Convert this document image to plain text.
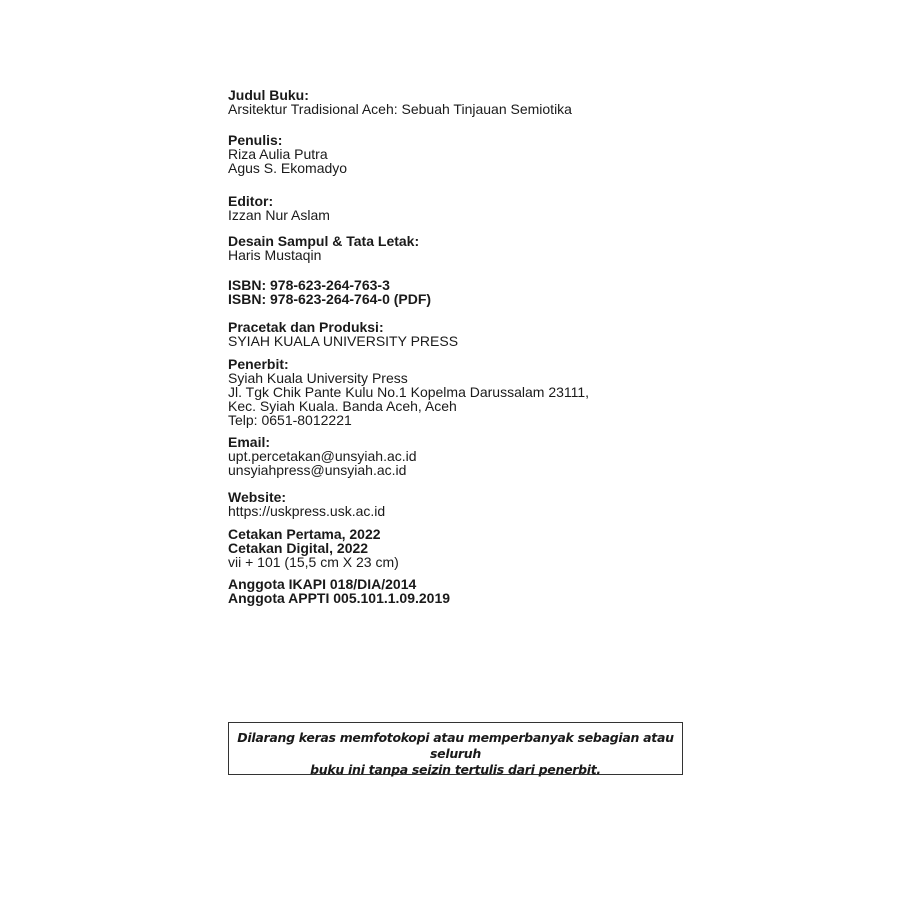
Judul Buku:
Arsitektur Tradisional Aceh: Sebuah Tinjauan Semiotika
Penulis:
Riza Aulia Putra
Agus S. Ekomadyo
Editor:
Izzan Nur Aslam
Desain Sampul & Tata Letak:
Haris Mustaqin
ISBN: 978-623-264-763-3
ISBN: 978-623-264-764-0 (PDF)
Pracetak dan Produksi:
SYIAH KUALA UNIVERSITY PRESS
Penerbit:
Syiah Kuala University Press
Jl. Tgk Chik Pante Kulu No.1 Kopelma Darussalam 23111,
Kec. Syiah Kuala. Banda Aceh, Aceh
Telp: 0651-8012221
Email:
upt.percetakan@unsyiah.ac.id
unsyiahpress@unsyiah.ac.id
Website:
https://uskpress.usk.ac.id
Cetakan Pertama, 2022
Cetakan Digital, 2022
vii + 101 (15,5 cm X 23 cm)
Anggota IKAPI 018/DIA/2014
Anggota APPTI 005.101.1.09.2019
Dilarang keras memfotokopi atau memperbanyak sebagian atau seluruh
buku ini tanpa seizin tertulis dari penerbit.
